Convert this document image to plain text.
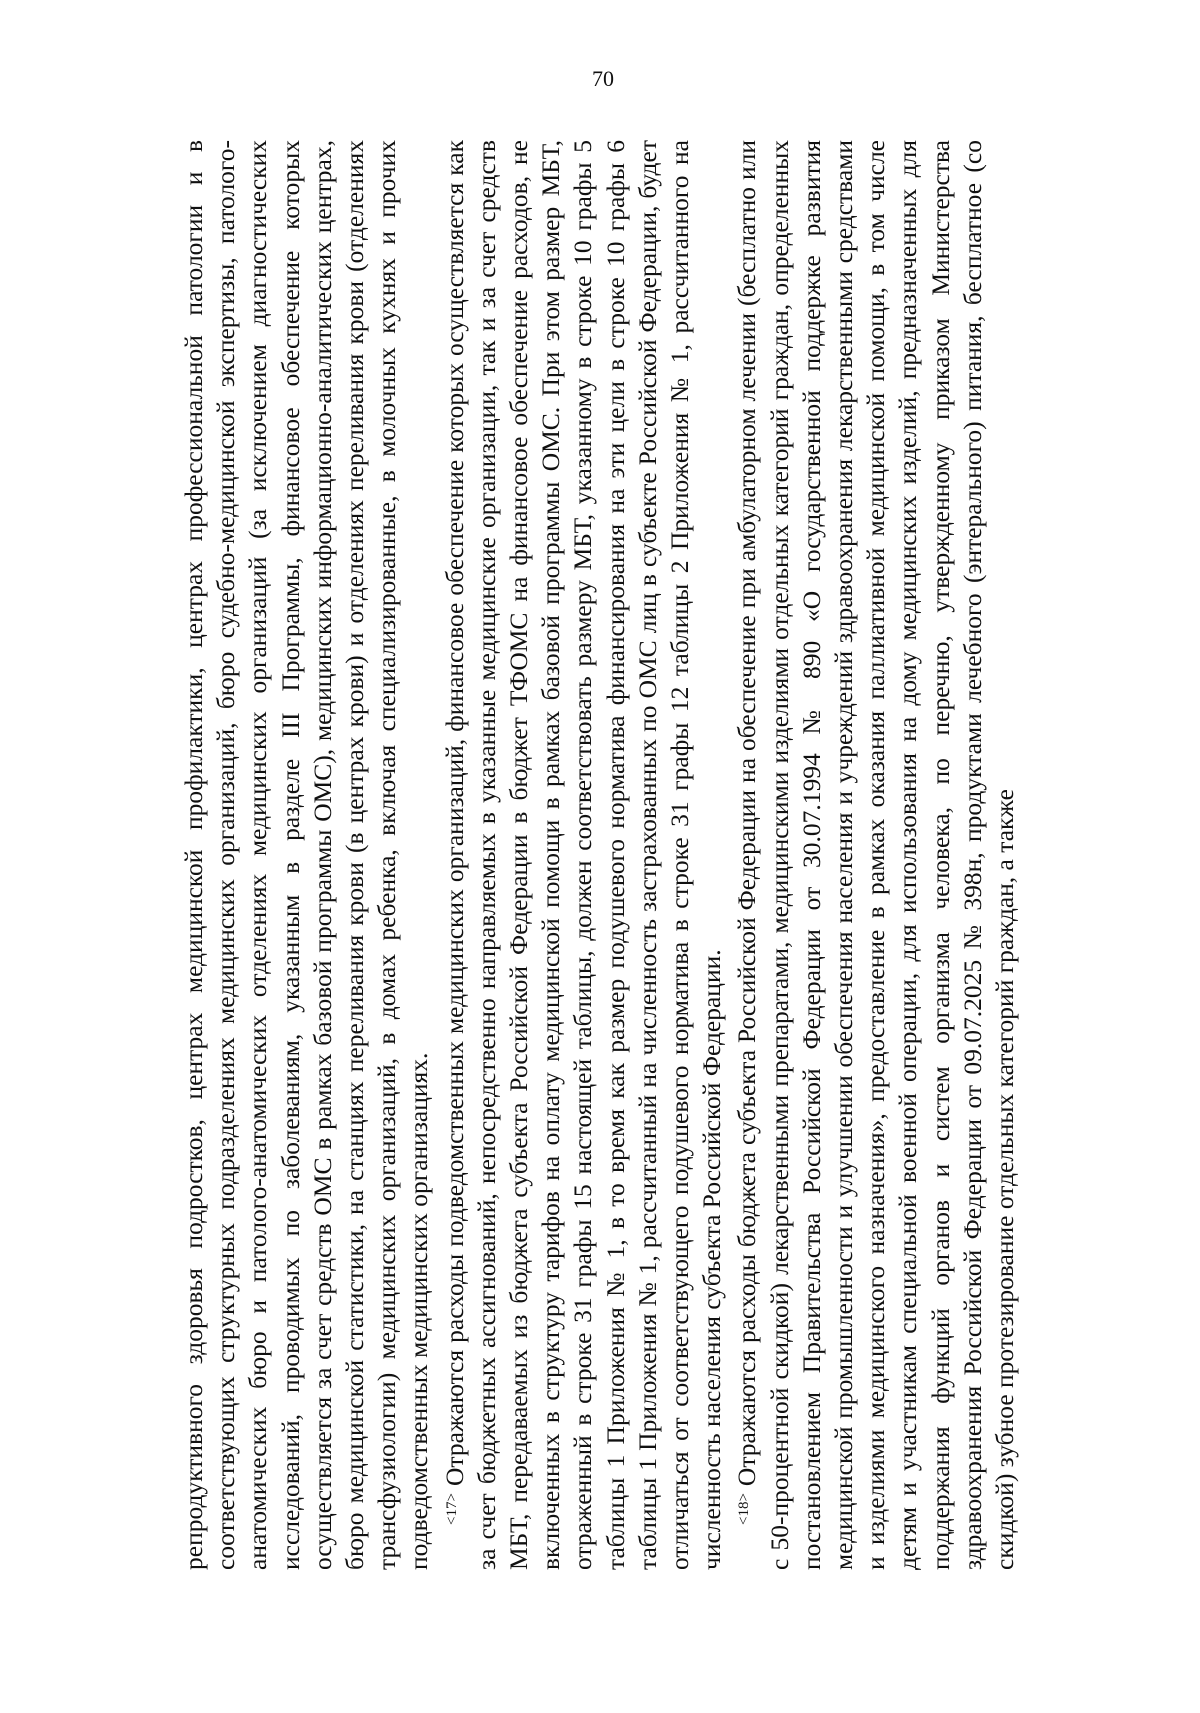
70

репродуктивного здоровья подростков, центрах медицинской профилактики, центрах профессиональной патологии и в соответствующих структурных подразделениях медицинских организаций, бюро судебно-медицинской экспертизы, патолого-анатомических бюро и патолого-анатомических отделениях медицинских организаций (за исключением диагностических исследований, проводимых по заболеваниям, указанным в разделе III Программы, финансовое обеспечение которых осуществляется за счет средств ОМС в рамках базовой программы ОМС), медицинских информационно-аналитических центрах, бюро медицинской статистики, на станциях переливания крови (в центрах крови) и отделениях переливания крови (отделениях трансфузиологии) медицинских организаций, в домах ребенка, включая специализированные, в молочных кухнях и прочих подведомственных медицинских организациях. $^{<17>}$ Отражаются расходы подведомственных медицинских организаций, финансовое обеспечение которых осуществляется как за счет бюджетных ассигнований, непосредственно направляемых в указанные медицинские организации, так и за счет средств МБТ, передаваемых из бюджета субъекта Российской Федерации в бюджет ТФОМС на финансовое обеспечение расходов, не включенных в структуру тарифов на оплату медицинской помощи в рамках базовой программы ОМС. При этом размер МБТ, отраженный в строке 31 графы 15 настоящей таблицы, должен соответствовать размеру МБТ, указанному в строке 10 графы 5 таблицы 1 Приложения № 1, в то время как размер подушевого норматива финансирования на эти цели в строке 10 графы 6 таблицы 1 Приложения № 1, рассчитанный на численность застрахованных по ОМС лиц в субъекте Российской Федерации, будет отличаться от соответствующего подушевого норматива в строке 31 графы 12 таблицы 2 Приложения № 1, рассчитанного на численность населения субъекта Российской Федерации. $^{<18>}$ Отражаются расходы бюджета субъекта Российской Федерации на обеспечение при амбулаторном лечении (бесплатно или с 50-процентной скидкой) лекарственными препаратами, медицинскими изделиями отдельных категорий граждан, определенных постановлением Правительства Российской Федерации от 30.07.1994 № 890 «О государственной поддержке развития медицинской промышленности и улучшении обеспечения населения и учреждений здравоохранения лекарственными средствами и изделиями медицинского назначения», предоставление в рамках оказания паллиативной медицинской помощи, в том числе детям и участникам специальной военной операции, для использования на дому медицинских изделий, предназначенных для поддержания функций органов и систем организма человека, по перечню, утвержденному приказом Министерства здравоохранения Российской Федерации от 09.07.2025 № 398н, продуктами лечебного (энтерального) питания, бесплатное (со скидкой) зубное протезирование отдельных категорий граждан, а также
